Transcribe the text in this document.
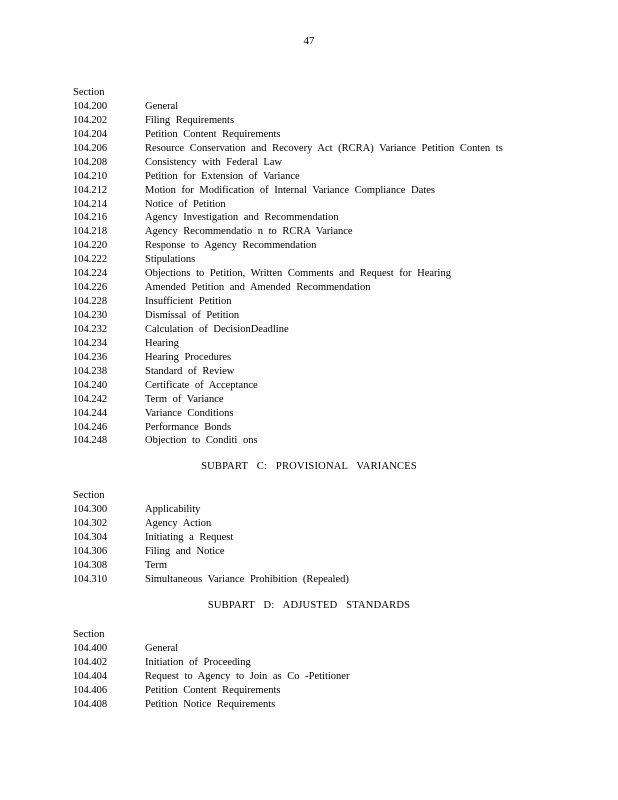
47
Section
104.200	General
104.202	Filing Requirements
104.204	Petition Content Requirements
104.206	Resource Conservation and Recovery Act (RCRA) Variance Petition Conten ts
104.208	Consistency with Federal Law
104.210	Petition for Extension of Variance
104.212	Motion for Modification of Internal Variance Compliance Dates
104.214	Notice of Petition
104.216	Agency Investigation and Recommendation
104.218	Agency Recommendatio n to RCRA Variance
104.220	Response to Agency Recommendation
104.222	Stipulations
104.224	Objections to Petition, Written Comments and Request for Hearing
104.226	Amended Petition and Amended Recommendation
104.228	Insufficient Petition
104.230	Dismissal of Petition
104.232	Calculation of DecisionDeadline
104.234	Hearing
104.236	Hearing Procedures
104.238	Standard of Review
104.240	Certificate of Acceptance
104.242	Term of Variance
104.244	Variance Conditions
104.246	Performance Bonds
104.248	Objection to Conditi ons
SUBPART C: PROVISIONAL VARIANCES
Section
104.300	Applicability
104.302	Agency Action
104.304	Initiating a Request
104.306	Filing and Notice
104.308	Term
104.310	Simultaneous Variance Prohibition (Repealed)
SUBPART D: ADJUSTED STANDARDS
Section
104.400	General
104.402	Initiation of Proceeding
104.404	Request to Agency to Join as Co -Petitioner
104.406	Petition Content Requirements
104.408	Petition Notice Requirements
